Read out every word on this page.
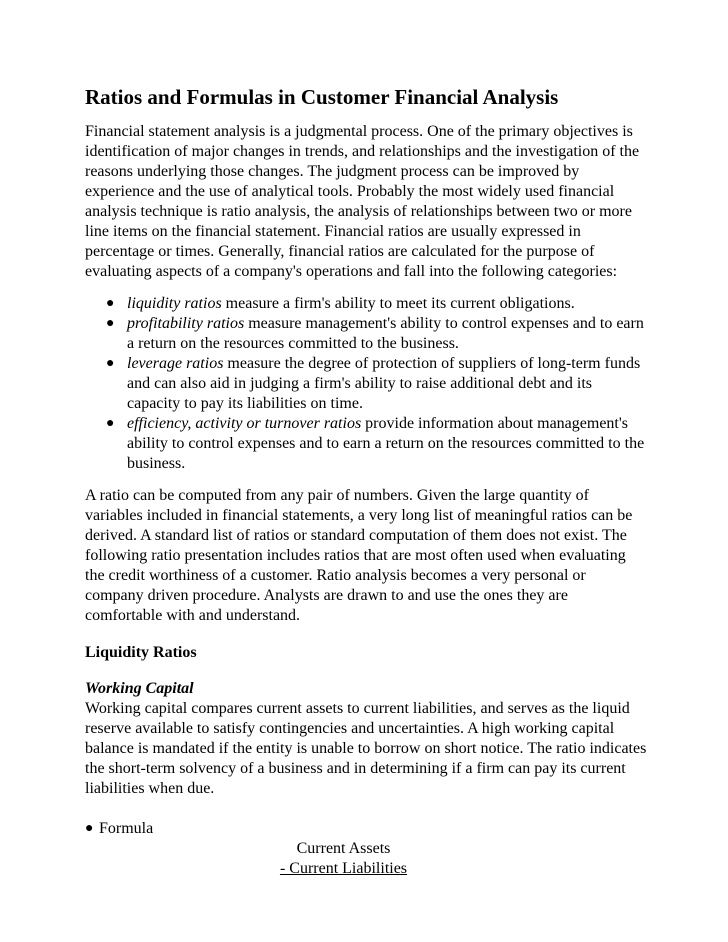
Ratios and Formulas in Customer Financial Analysis

Financial statement analysis is a judgmental process. One of the primary objectives is identification of major changes in trends, and relationships and the investigation of the reasons underlying those changes. The judgment process can be improved by experience and the use of analytical tools. Probably the most widely used financial analysis technique is ratio analysis, the analysis of relationships between two or more line items on the financial statement. Financial ratios are usually expressed in percentage or times. Generally, financial ratios are calculated for the purpose of evaluating aspects of a company's operations and fall into the following categories:

● liquidity ratios measure a firm's ability to meet its current obligations.
● profitability ratios measure management's ability to control expenses and to earn a return on the resources committed to the business.
● leverage ratios measure the degree of protection of suppliers of long-term funds and can also aid in judging a firm's ability to raise additional debt and its capacity to pay its liabilities on time.
● efficiency, activity or turnover ratios provide information about management's ability to control expenses and to earn a return on the resources committed to the business.

A ratio can be computed from any pair of numbers. Given the large quantity of variables included in financial statements, a very long list of meaningful ratios can be derived. A standard list of ratios or standard computation of them does not exist. The following ratio presentation includes ratios that are most often used when evaluating the credit worthiness of a customer. Ratio analysis becomes a very personal or company driven procedure. Analysts are drawn to and use the ones they are comfortable with and understand.

Liquidity Ratios
Working Capital

Working capital compares current assets to current liabilities, and serves as the liquid reserve available to satisfy contingencies and uncertainties. A high working capital balance is mandated if the entity is unable to borrow on short notice. The ratio indicates the short-term solvency of a business and in determining if a firm can pay its current liabilities when due.

● Formula
Current Assets
- Current Liabilities
